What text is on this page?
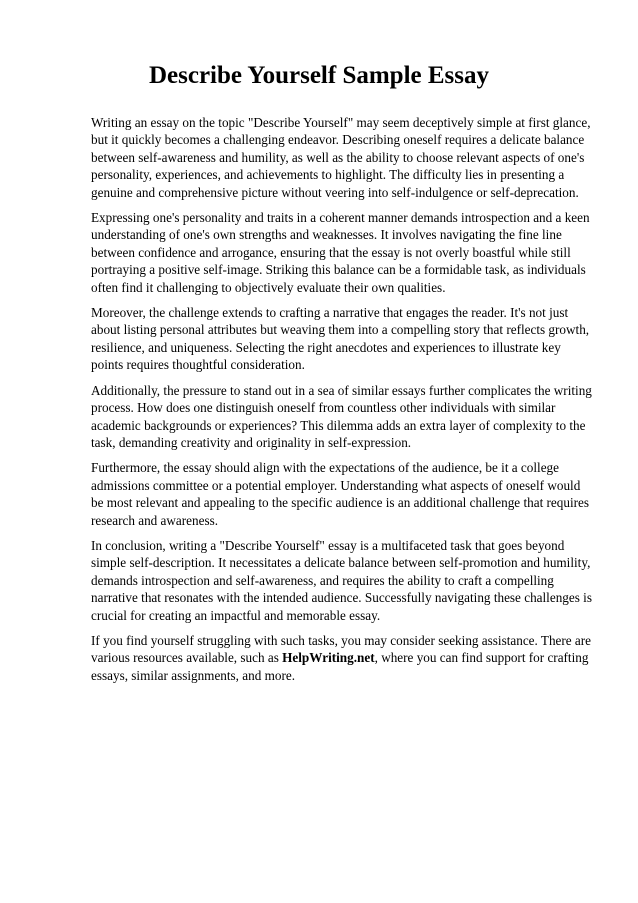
Describe Yourself Sample Essay

Writing an essay on the topic "Describe Yourself" may seem deceptively simple at first glance, but it quickly becomes a challenging endeavor. Describing oneself requires a delicate balance between self-awareness and humility, as well as the ability to choose relevant aspects of one's personality, experiences, and achievements to highlight. The difficulty lies in presenting a genuine and comprehensive picture without veering into self-indulgence or self-deprecation.

Expressing one's personality and traits in a coherent manner demands introspection and a keen understanding of one's own strengths and weaknesses. It involves navigating the fine line between confidence and arrogance, ensuring that the essay is not overly boastful while still portraying a positive self-image. Striking this balance can be a formidable task, as individuals often find it challenging to objectively evaluate their own qualities.

Moreover, the challenge extends to crafting a narrative that engages the reader. It's not just about listing personal attributes but weaving them into a compelling story that reflects growth, resilience, and uniqueness. Selecting the right anecdotes and experiences to illustrate key points requires thoughtful consideration.

Additionally, the pressure to stand out in a sea of similar essays further complicates the writing process. How does one distinguish oneself from countless other individuals with similar academic backgrounds or experiences? This dilemma adds an extra layer of complexity to the task, demanding creativity and originality in self-expression.

Furthermore, the essay should align with the expectations of the audience, be it a college admissions committee or a potential employer. Understanding what aspects of oneself would be most relevant and appealing to the specific audience is an additional challenge that requires research and awareness.

In conclusion, writing a "Describe Yourself" essay is a multifaceted task that goes beyond simple self-description. It necessitates a delicate balance between self-promotion and humility, demands introspection and self-awareness, and requires the ability to craft a compelling narrative that resonates with the intended audience. Successfully navigating these challenges is crucial for creating an impactful and memorable essay.

If you find yourself struggling with such tasks, you may consider seeking assistance. There are various resources available, such as HelpWriting.net, where you can find support for crafting essays, similar assignments, and more.
